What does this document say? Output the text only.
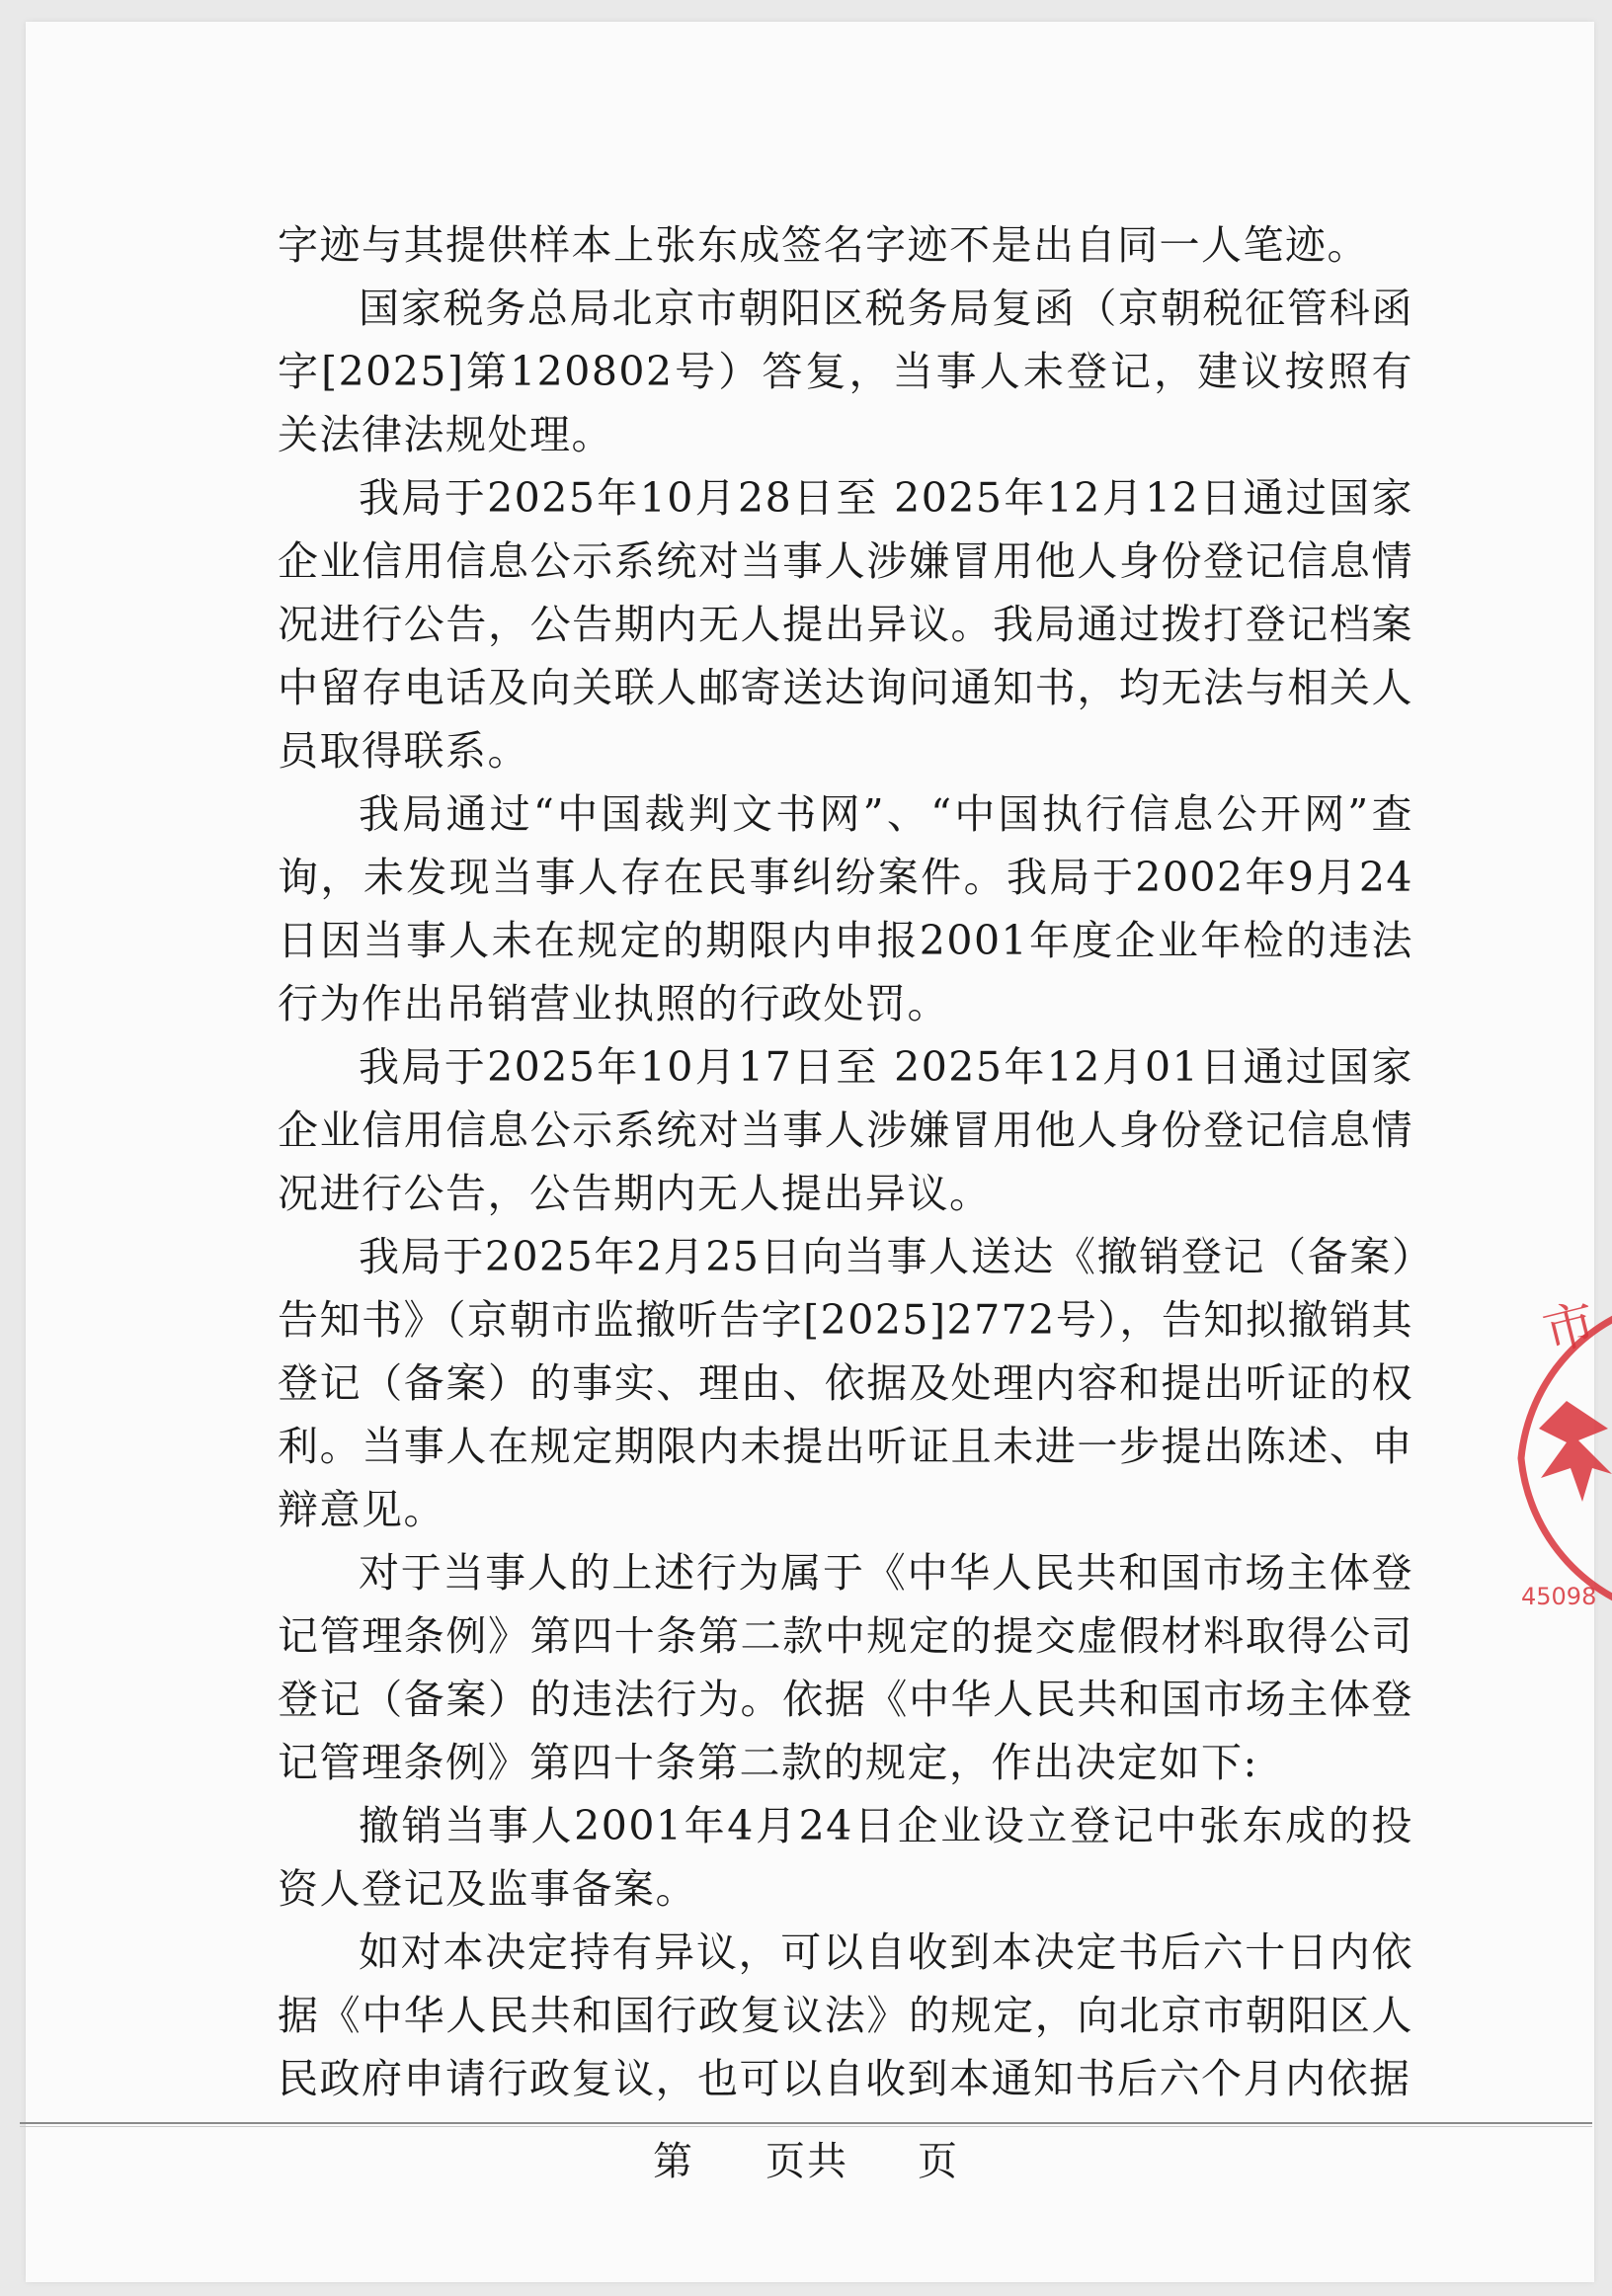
字迹与其提供样本上张东成签名字迹不是出自同一人笔迹。

国家税务总局北京市朝阳区税务局复函（京朝税征管科函字[2025]第120802号）答复，当事人未登记，建议按照有关法律法规处理。

我局于2025年10月28日至 2025年12月12日通过国家企业信用信息公示系统对当事人涉嫌冒用他人身份登记信息情况进行公告，公告期内无人提出异议。我局通过拨打登记档案中留存电话及向关联人邮寄送达询问通知书，均无法与相关人员取得联系。

我局通过“中国裁判文书网”、“中国执行信息公开网”查询，未发现当事人存在民事纠纷案件。我局于2002年9月24日因当事人未在规定的期限内申报2001年度企业年检的违法行为作出吊销营业执照的行政处罚。

我局于2025年10月17日至 2025年12月01日通过国家企业信用信息公示系统对当事人涉嫌冒用他人身份登记信息情况进行公告，公告期内无人提出异议。

我局于2025年2月25日向当事人送达《撤销登记（备案）告知书》（京朝市监撤听告字[2025]2772号），告知拟撤销其登记（备案）的事实、理由、依据及处理内容和提出听证的权利。当事人在规定期限内未提出听证且未进一步提出陈述、申辩意见。

对于当事人的上述行为属于《中华人民共和国市场主体登记管理条例》第四十条第二款中规定的提交虚假材料取得公司登记（备案）的违法行为。依据《中华人民共和国市场主体登记管理条例》第四十条第二款的规定，作出决定如下:

撤销当事人2001年4月24日企业设立登记中张东成的投资人登记及监事备案。

如对本决定持有异议，可以自收到本决定书后六十日内依据《中华人民共和国行政复议法》的规定，向北京市朝阳区人民政府申请行政复议，也可以自收到本通知书后六个月内依据

第 页共 页
市
45098
